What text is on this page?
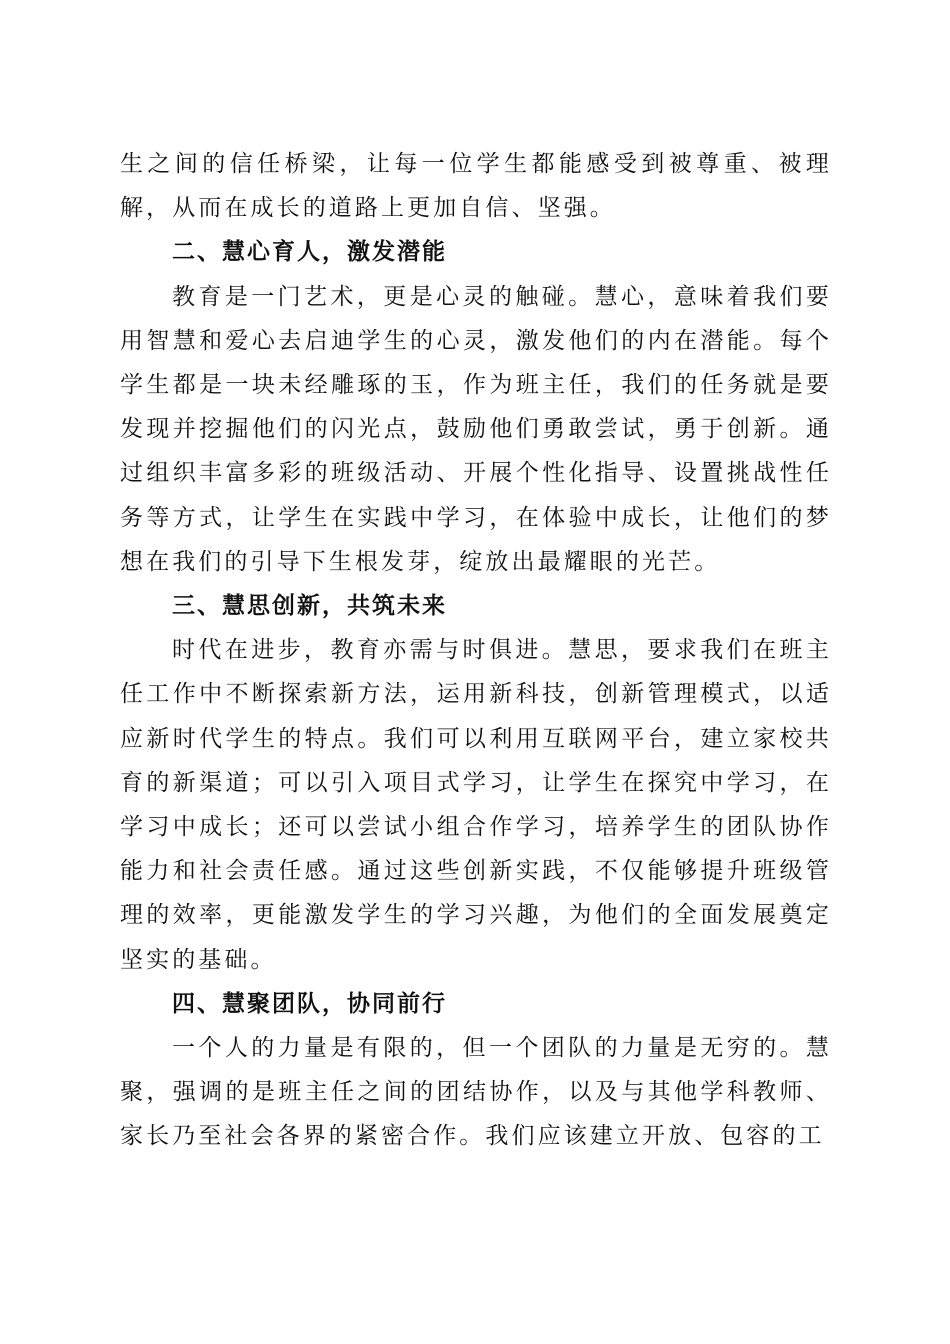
生之间的信任桥梁，让每一位学生都能感受到被尊重、被理解，从而在成长的道路上更加自信、坚强。

二、慧心育人，激发潜能

教育是一门艺术，更是心灵的触碰。慧心，意味着我们要用智慧和爱心去启迪学生的心灵，激发他们的内在潜能。每个学生都是一块未经雕琢的玉，作为班主任，我们的任务就是要发现并挖掘他们的闪光点，鼓励他们勇敢尝试，勇于创新。通过组织丰富多彩的班级活动、开展个性化指导、设置挑战性任务等方式，让学生在实践中学习，在体验中成长，让他们的梦想在我们的引导下生根发芽，绽放出最耀眼的光芒。

三、慧思创新，共筑未来

时代在进步，教育亦需与时俱进。慧思，要求我们在班主任工作中不断探索新方法，运用新科技，创新管理模式，以适应新时代学生的特点。我们可以利用互联网平台，建立家校共育的新渠道；可以引入项目式学习，让学生在探究中学习，在学习中成长；还可以尝试小组合作学习，培养学生的团队协作能力和社会责任感。通过这些创新实践，不仅能够提升班级管理的效率，更能激发学生的学习兴趣，为他们的全面发展奠定坚实的基础。

四、慧聚团队，协同前行

一个人的力量是有限的，但一个团队的力量是无穷的。慧聚，强调的是班主任之间的团结协作，以及与其他学科教师、家长乃至社会各界的紧密合作。我们应该建立开放、包容的工
